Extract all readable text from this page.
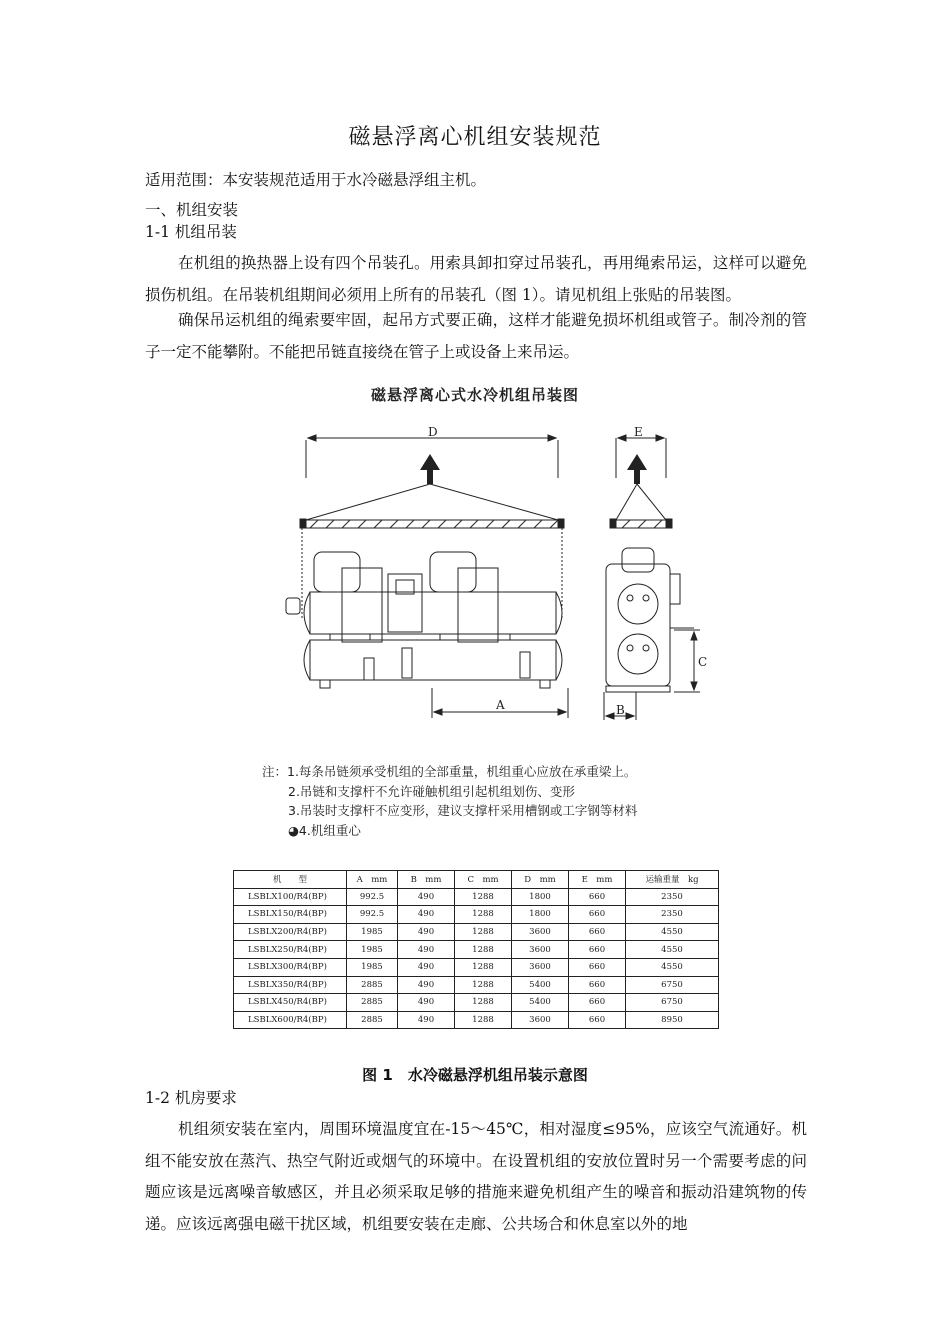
磁悬浮离心机组安装规范
适用范围：本安装规范适用于水冷磁悬浮组主机。
一、机组安装
1-1 机组吊装
在机组的换热器上设有四个吊装孔。用索具卸扣穿过吊装孔，再用绳索吊运，这样可以避免损伤机组。在吊装机组期间必须用上所有的吊装孔（图 1）。请见机组上张贴的吊装图。
确保吊运机组的绳索要牢固，起吊方式要正确，这样才能避免损坏机组或管子。制冷剂的管子一定不能攀附。不能把吊链直接绕在管子上或设备上来吊运。
磁悬浮离心式水冷机组吊装图
D	E
A	B
C
注：1.每条吊链须承受机组的全部重量，机组重心应放在承重梁上。
2.吊链和支撑杆不允许碰触机组引起机组划伤、变形
3.吊装时支撑杆不应变形，建议支撑杆采用槽钢或工字钢等材料
◕4.机组重心
机　　型	A　mm	B　mm	C　mm	D　mm	E　mm	运输重量　kg
LSBLX100/R4(BP)	992.5	490	1288	1800	660	2350
LSBLX150/R4(BP)	992.5	490	1288	1800	660	2350
LSBLX200/R4(BP)	1985	490	1288	3600	660	4550
LSBLX250/R4(BP)	1985	490	1288	3600	660	4550
LSBLX300/R4(BP)	1985	490	1288	3600	660	4550
LSBLX350/R4(BP)	2885	490	1288	5400	660	6750
LSBLX450/R4(BP)	2885	490	1288	5400	660	6750
LSBLX600/R4(BP)	2885	490	1288	3600	660	8950
图 1　水冷磁悬浮机组吊装示意图
1-2 机房要求
机组须安装在室内，周围环境温度宜在-15～45℃，相对湿度≤95%，应该空气流通好。机组不能安放在蒸汽、热空气附近或烟气的环境中。在设置机组的安放位置时另一个需要考虑的问题应该是远离噪音敏感区，并且必须采取足够的措施来避免机组产生的噪音和振动沿建筑物的传递。应该远离强电磁干扰区域，机组要安装在走廊、公共场合和休息室以外的地
